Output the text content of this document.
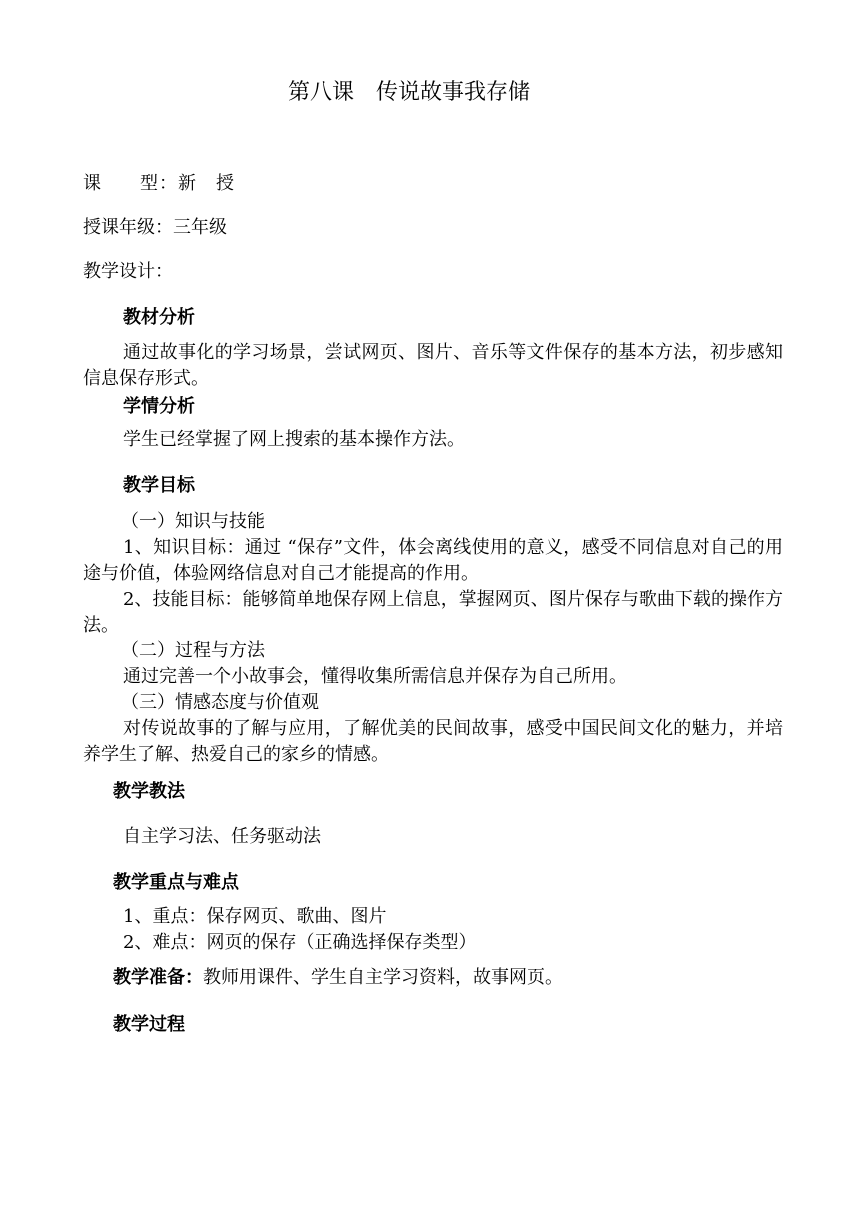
第八课　传说故事我存储
课　　型：新　授
授课年级：三年级
教学设计：
教材分析
通过故事化的学习场景，尝试网页、图片、音乐等文件保存的基本方法，初步感知信息保存形式。
学情分析
学生已经掌握了网上搜索的基本操作方法。
教学目标
（一）知识与技能
1、知识目标：通过 “保存”文件，体会离线使用的意义，感受不同信息对自己的用途与价值，体验网络信息对自己才能提高的作用。
2、技能目标：能够简单地保存网上信息，掌握网页、图片保存与歌曲下载的操作方法。
（二）过程与方法
通过完善一个小故事会，懂得收集所需信息并保存为自己所用。
（三）情感态度与价值观
对传说故事的了解与应用，了解优美的民间故事，感受中国民间文化的魅力，并培养学生了解、热爱自己的家乡的情感。
教学教法
自主学习法、任务驱动法
教学重点与难点
1、重点：保存网页、歌曲、图片
2、难点：网页的保存（正确选择保存类型）
教学准备：教师用课件、学生自主学习资料，故事网页。
教学过程
